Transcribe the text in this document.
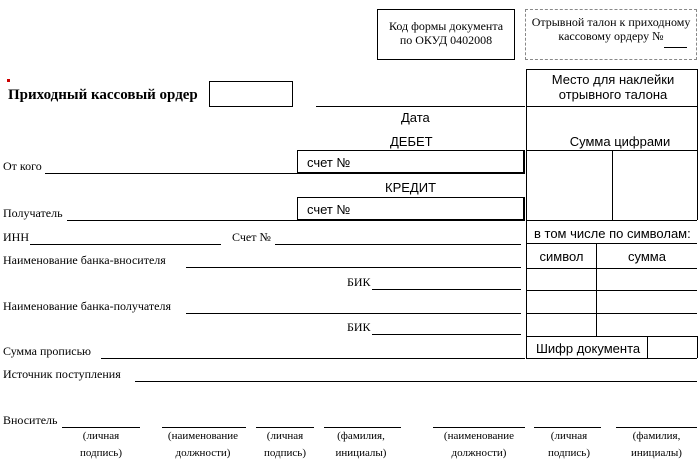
Код формы документа по ОКУД 0402008
Отрывной талон к приходному кассовому ордеру №
Приходный кассовый ордер
Дата
ДЕБЕТ
От кого	счет №
КРЕДИТ
Получатель	счет №
ИНН	Счет №
Наименование банка-вносителя
БИК
Наименование банка-получателя
БИК
Сумма прописью
Источник поступления
Вноситель
(личная подпись)
(наименование должности)
(личная подпись)
(фамилия, инициалы)
(наименование должности)
(личная подпись)
(фамилия, инициалы)
Место для наклейки отрывного талона
Сумма цифрами
в том числе по символам:
символ	сумма
Шифр документа
